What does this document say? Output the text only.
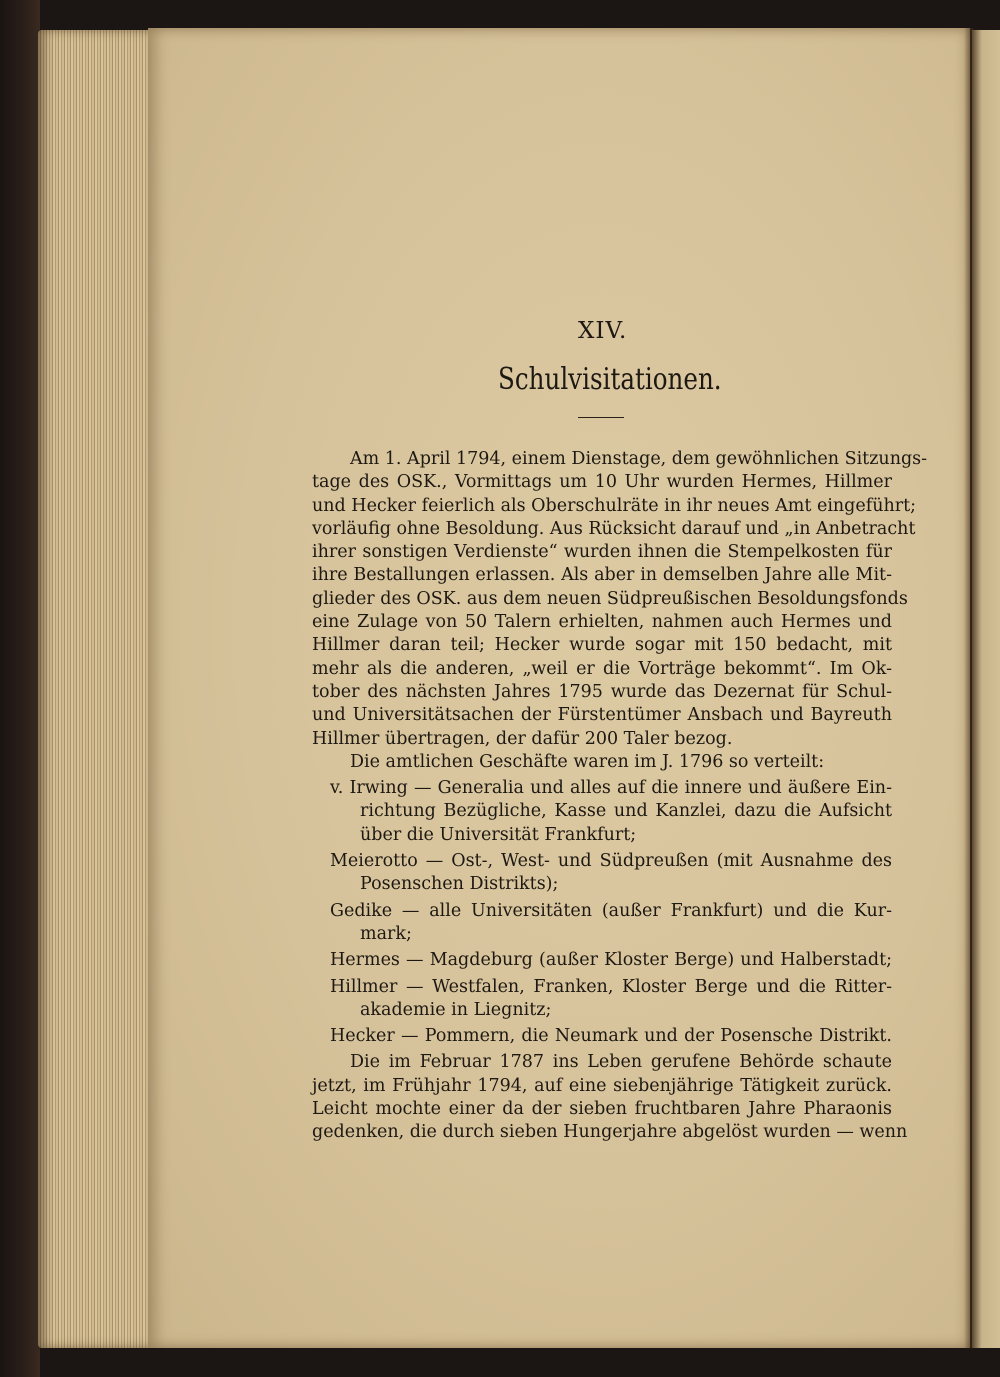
XIV.
Schulvisitationen.
Am 1. April 1794, einem Dienstage, dem gewöhnlichen Sitzungs-
tage des OSK., Vormittags um 10 Uhr wurden Hermes, Hillmer
und Hecker feierlich als Oberschulräte in ihr neues Amt eingeführt;
vorläufig ohne Besoldung. Aus Rücksicht darauf und „in Anbetracht
ihrer sonstigen Verdienste“ wurden ihnen die Stempelkosten für
ihre Bestallungen erlassen. Als aber in demselben Jahre alle Mit-
glieder des OSK. aus dem neuen Südpreußischen Besoldungsfonds
eine Zulage von 50 Talern erhielten, nahmen auch Hermes und
Hillmer daran teil; Hecker wurde sogar mit 150 bedacht, mit
mehr als die anderen, „weil er die Vorträge bekommt“. Im Ok-
tober des nächsten Jahres 1795 wurde das Dezernat für Schul-
und Universitätsachen der Fürstentümer Ansbach und Bayreuth
Hillmer übertragen, der dafür 200 Taler bezog.
Die amtlichen Geschäfte waren im J. 1796 so verteilt:
v. Irwing — Generalia und alles auf die innere und äußere Ein-
richtung Bezügliche, Kasse und Kanzlei, dazu die Aufsicht
über die Universität Frankfurt;
Meierotto — Ost-, West- und Südpreußen (mit Ausnahme des
Posenschen Distrikts);
Gedike — alle Universitäten (außer Frankfurt) und die Kur-
mark;
Hermes — Magdeburg (außer Kloster Berge) und Halberstadt;
Hillmer — Westfalen, Franken, Kloster Berge und die Ritter-
akademie in Liegnitz;
Hecker — Pommern, die Neumark und der Posensche Distrikt.
Die im Februar 1787 ins Leben gerufene Behörde schaute
jetzt, im Frühjahr 1794, auf eine siebenjährige Tätigkeit zurück.
Leicht mochte einer da der sieben fruchtbaren Jahre Pharaonis
gedenken, die durch sieben Hungerjahre abgelöst wurden — wenn
